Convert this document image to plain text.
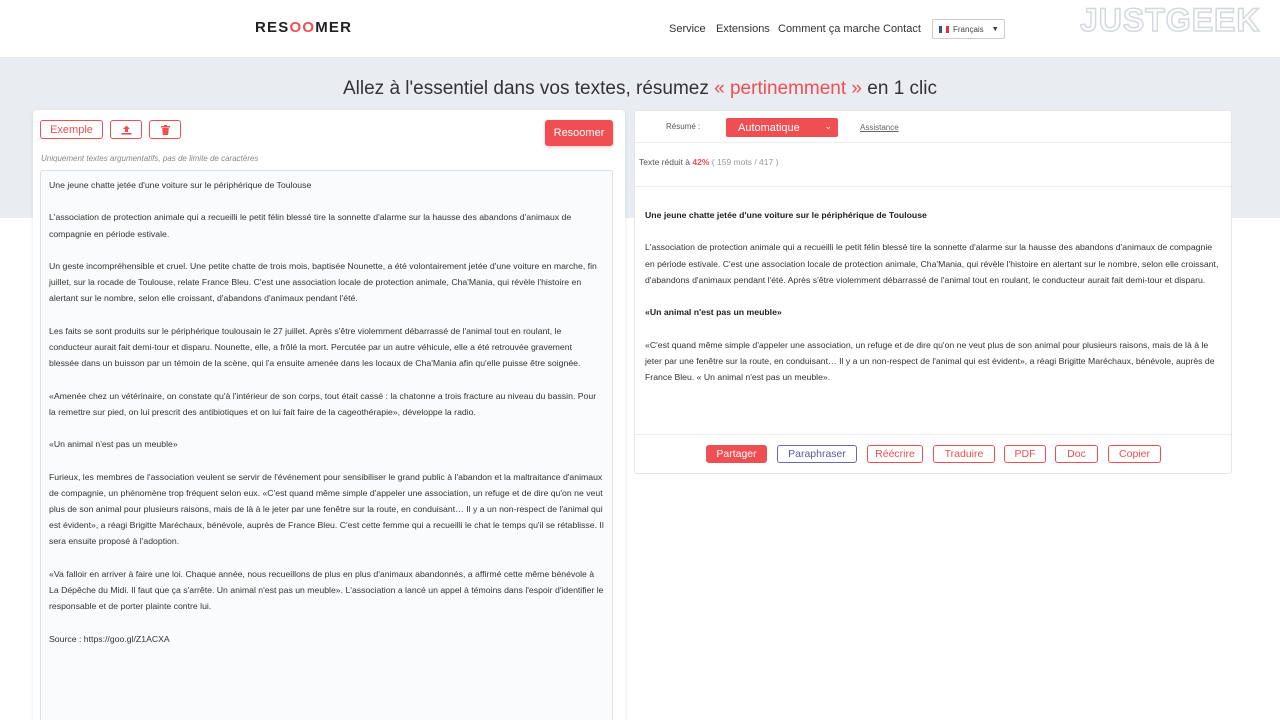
RESOOMER	Service Extensions Comment ça marche Contact	Français ▼	JUSTGEEK
Allez à l'essentiel dans vos textes, résumez « pertinemment » en 1 clic
Exemple	Resoomer
Uniquement textes argumentatifs, pas de limite de caractères

Une jeune chatte jetée d'une voiture sur le périphérique de Toulouse

L'association de protection animale qui a recueilli le petit félin blessé tire la sonnette d'alarme sur la hausse des abandons d'animaux de compagnie en période estivale.

Un geste incompréhensible et cruel. Une petite chatte de trois mois, baptisée Nounette, a été volontairement jetée d'une voiture en marche, fin juillet, sur la rocade de Toulouse, relate France Bleu. C'est une association locale de protection animale, Cha'Mania, qui révèle l'histoire en alertant sur le nombre, selon elle croissant, d'abandons d'animaux pendant l'été.

Les faits se sont produits sur le périphérique toulousain le 27 juillet. Après s'être violemment débarrassé de l'animal tout en roulant, le conducteur aurait fait demi-tour et disparu. Nounette, elle, a frôlé la mort. Percutée par un autre véhicule, elle a été retrouvée gravement blessée dans un buisson par un témoin de la scène, qui l'a ensuite amenée dans les locaux de Cha'Mania afin qu'elle puisse être soignée.

«Amenée chez un vétérinaire, on constate qu'à l'intérieur de son corps, tout était cassé : la chatonne a trois fracture au niveau du bassin. Pour la remettre sur pied, on lui prescrit des antibiotiques et on lui fait faire de la cageothérapie», développe la radio.

«Un animal n'est pas un meuble»

Furieux, les membres de l'association veulent se servir de l'événement pour sensibiliser le grand public à l'abandon et la maltraitance d'animaux de compagnie, un phénomène trop fréquent selon eux. «C'est quand même simple d'appeler une association, un refuge et de dire qu'on ne veut plus de son animal pour plusieurs raisons, mais de là à le jeter par une fenêtre sur la route, en conduisant… Il y a un non-respect de l'animal qui est évident», a réagi Brigitte Maréchaux, bénévole, auprès de France Bleu. C'est cette femme qui a recueilli le chat le temps qu'il se rétablisse. Il sera ensuite proposé à l'adoption.

«Va falloir en arriver à faire une loi. Chaque année, nous recueillons de plus en plus d'animaux abandonnés, a affirmé cette même bénévole à La Dépêche du Midi. Il faut que ça s'arrête. Un animal n'est pas un meuble». L'association a lancé un appel à témoins dans l'espoir d'identifier le responsable et de porter plainte contre lui.

Source : https://goo.gl/Z1ACXA

Résumé :	Automatique	⌄	Assistance
Texte réduit à 42% ( 159 mots / 417 )

Une jeune chatte jetée d'une voiture sur le périphérique de Toulouse

L'association de protection animale qui a recueilli le petit félin blessé tire la sonnette d'alarme sur la hausse des abandons d'animaux de compagnie en période estivale. C'est une association locale de protection animale, Cha'Mania, qui révèle l'histoire en alertant sur le nombre, selon elle croissant, d'abandons d'animaux pendant l'été. Après s'être violemment débarrassé de l'animal tout en roulant, le conducteur aurait fait demi-tour et disparu.

«Un animal n'est pas un meuble»

«C'est quand même simple d'appeler une association, un refuge et de dire qu'on ne veut plus de son animal pour plusieurs raisons, mais de là à le jeter par une fenêtre sur la route, en conduisant… Il y a un non-respect de l'animal qui est évident», a réagi Brigitte Maréchaux, bénévole, auprès de France Bleu. « Un animal n'est pas un meuble».

Partager	Paraphraser	Réécrire	Traduire	PDF	Doc	Copier
